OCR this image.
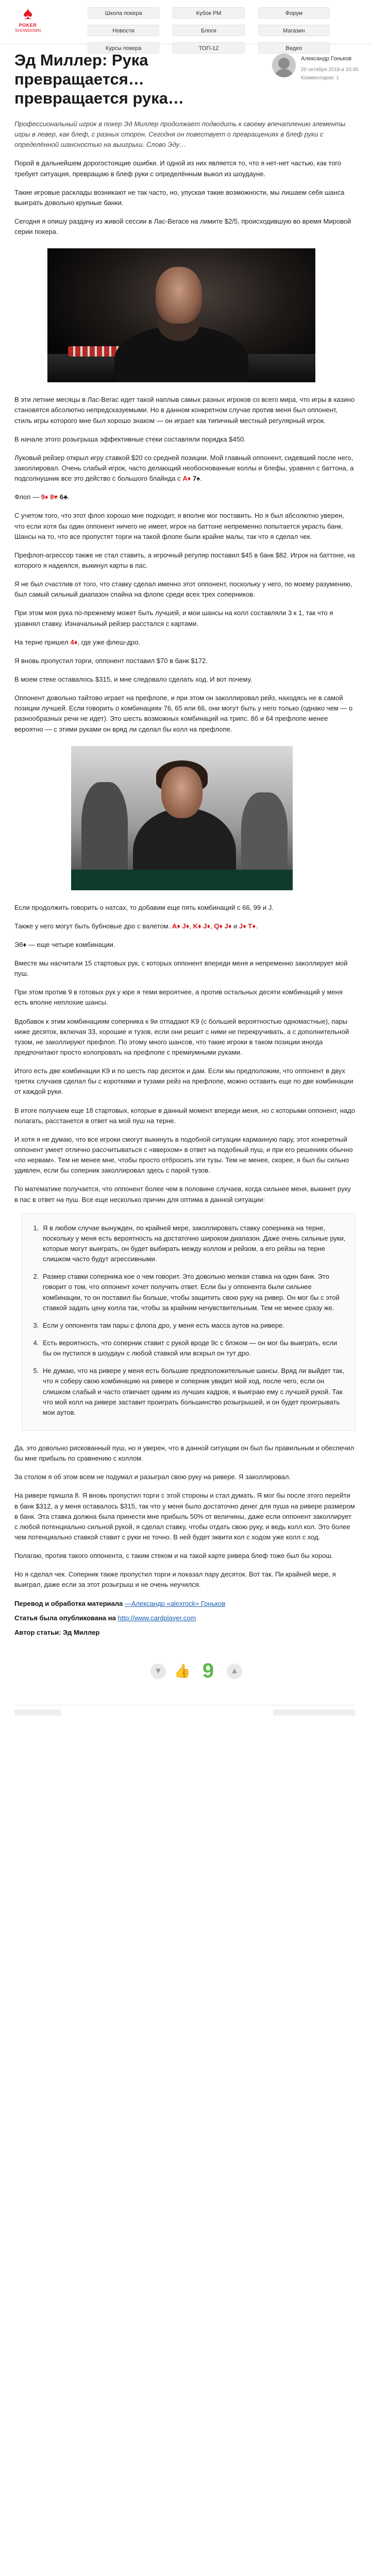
♠
POKER
SHOWDOWN
Школа покера	Кубок РМ	Форум
Новости	Блоги	Магазин
Курсы покера	ТОП-12	Видео
Эд Миллер: Рука превращается… превращается рука…
Александр Гоньков
20 октября 2018 в 10:45
Комментарии: 1

Профессиональный игрок в покер Эд Миллер продолжает подводить к своему впечатлению элементы игры в левер, как блеф, с разных сторон. Сегодня он повествует о превращениях в блеф руки с определённой шансностью на выигрыш. Слово Эду…

Порой в дальнейшем дорогостоящие ошибки. И одной из них является то, что я нет-нет частью, как того требует ситуация, превращаю в блеф руки с определённым выкол из шоудауне.

Такие игровые расклады возникают не так часто, но, упуская такие возможности, мы лишаем себя шанса выиграть довольно крупные банки.

Сегодня я опишу раздачу из живой сессии в Лас-Вегасе на лимите $2/5, происходившую во время Мировой серии покера.

В эти летние месяцы в Лас-Вегас идет такой наплыв самых разных игроков со всего мира, что игры в казино становятся абсолютно непредсказуемыми. Но в данном конкретном случае против меня был оппонент, стиль игры которого мне был хорошо знаком — он играет как типичный местный регулярный игрок.

В начале этого розыгрыша эффективные стеки составляли порядка $450.

Луковый рейзер открыл игру ставкой $20 со средней позиции. Мой главный оппонент, сидевший после него, заколлировал. Очень слабый игрок, часто делающий необоснованные коллы и блефы, уравнял с баттона, а подсолнушник все это действо с большого блайнда с A♦ 7♠.

Флоп — 9♦ 8♥ 6♣.

С учетом того, что этот флоп хорошо мне подходит, я вполне мог поставить. Но я был абсолютно уверен, что если хотя бы один оппонент ничего не имеет, игрок на баттоне непременно попытается украсть банк. Шансы на то, что все пропустят торги на такой флопе были крайне малы, так что я сделал чек.

Префлоп-агрессор также не стал ставить, а игрочный регуляр поставил $45 в банк $82. Игрок на баттоне, на которого я надеялся, выкинул карты в пас.

Я не был счастлив от того, что ставку сделал именно этот оппонент, поскольку у него, по моему разумению, был самый сильный диапазон спайна на флопе среди всех трех соперников.

При этом моя рука по-прежнему может быть лучшей, и мои шансы на колл составляли 3 к 1, так что я уравнял ставку. Изначальный рейзер расстался с картами.

На терне пришел 4♦, где уже флеш-дро.

Я вновь пропустил торги, оппонент поставил $70 в банк $172.

В моем стеке оставалось $315, и мне следовало сделать ход. И вот почему.

Оппонент довольно тайтово играет на префлопе, и при этом он заколлировал рейз, находясь не в самой позиции лучшей. Если говорить о комбинациях 76, 65 или 66, они могут быть у него только (однако чем — о разнообразных речи не идет). Это шесть возможных комбинаций на трипс. 8б и 64 префлопе менее вероятно — с этими руками он вряд ли сделал бы колл на префлопе.

Если продолжить говорить о натсах, то добавим еще пять комбинаций с 66, 99 и J.

Также у него могут быть бубновые дро с валетом. A♦ J♦, K♦ J♦, Q♦ J♦ и J♦ T♦.

Э8♦ — еще четыре комбинации.

Вместе мы насчитали 15 стартовых рук, с которых оппонент впереди меня и непременно заколлирует мой пуш.

При этом против 9 в готовых рук у юре я теми вероятнее, а против остальных десяти комбинаций у меня есть вполне неплохие шансы.

Вдобавок к этим комбинациям соперника к 9и отпадают K9 (с большей вероятностью одномастные), пары ниже десяток, включая 33, хорошие и тузов, если они решит с ними не перекручивать, а с дополнительной тузом, не заколлируют префлоп. По этому много шансов, что такие игроки в таком позиции иногда предпочитают просто колопровать на префлопе с премиумными руками.

Итого есть две комбинации K9 и по шесть пар десяток и дам. Если мы предположим, что оппонент в двух третях случаев сделал бы с короткими и тузами рейз на префлопе, можно оставить еще по две комбинации от каждой руки.

В итоге получаем еще 18 стартовых, которые в данный момент впереди меня, но с которыми оппонент, надо полагать, расстанется в ответ на мой пуш на терне.

И хотя я не думаю, что все игроки смогут выкинуть в подобной ситуации карманную пару, этот конкретный оппонент умеет отлично рассчитываться с «вверхом» в ответ на подобный пуш, и при его решениях обычно «по нервам». Тем не менее мне, чтобы просто отбросить эти тузы. Тем не менее, скорее, я был бы сильно удивлен, если бы соперник заколлировал здесь с парой тузов.

По математике получается, что оппонент более чем в половине случаев, когда сильнее меня, выкинет руку в пас в ответ на пуш. Все еще несколько причин для оптима в данной ситуации:

1. Я в любом случае вынужден, по крайней мере, заколлировать ставку соперника на терне, поскольку у меня есть вероятность на достаточно широком диапазон. Даже очень сильные руки, которые могут выиграть, он будет выбирать между коллом и рейзом, а его рейзы на терне слишком часто будут агрессивными.
2. Размер ставки соперника кое о чем говорит. Это довольно мелкая ставка на один банк. Это говорит о том, что оппонент хочет получить ответ. Если бы у оппонента были сильнее комбинации, то он поставил бы больше, чтобы защитить свою руку на ривер. Он мог бы с этой ставкой задать цену колла так, чтобы за крайним нечувствительным. Тем не менее сразу же.
3. Если у оппонента там пары с флопа дро, у меня есть масса аутов на ривере.
4. Есть вероятность, что соперник ставит с рукой вроде 9с с блэком — он мог бы выиграть, если бы он пустился в шоудаун с любой ставкой или вскрыл он тут дро.
5. Не думаю, что на ривере у меня есть большие предположительные шансы. Вряд ли выйдет так, что я соберу свою комбинацию на ривере и соперник увидит мой ход, после чего, если он слишком слабый и часто отвечает одним из лучших кадров, я выиграю ему с лучшей рукой. Так что мой колл на ривере заставит проиграть большинство розыгрышей, и он будет проигрывать мои аутов.

Да, это довольно рискованный пуш, но я уверен, что в данной ситуации он был бы правильным и обеспечил бы мне прибыль по сравнению с коллом.

За столом я об этом всем не подумал и разыграл свою руку на ривере. Я заколлировал.

На ривере пришла 8. Я вновь пропустил торги с этой стороны и стал думать. Я мог бы после этого перейти в банк $312, а у меня оставалось $315, так что у меня было достаточно денег для пуша на ривере размером в банк. Эта ставка должна была принести мне прибыль 50% от величины, даже если оппонент заколлирует с любой потенциально сильной рукой, я сделал ставку, чтобы отдать свою руку, и ведь колл кол. Это более чем потенциально ставкой ставит с руки не точно. В ней будет эквити кол с ходом уже колл с ход.

Полагаю, против такого оппонента, с таким стеком и на такой карте ривера блеф тоже был бы хорош.

Но я сделал чек. Соперник также пропустил торги и показал пару десяток. Вот так. Пи крайней мере, я выиграл, даже если за этот розыгрыш и не очень неучился.

Перевод и обработка материала —Александр «alexrock» Гоньков

Статья была опубликована на http://www.cardplayer.com

Автор статьи: Эд Миллер

▼ 👍 9	▲
